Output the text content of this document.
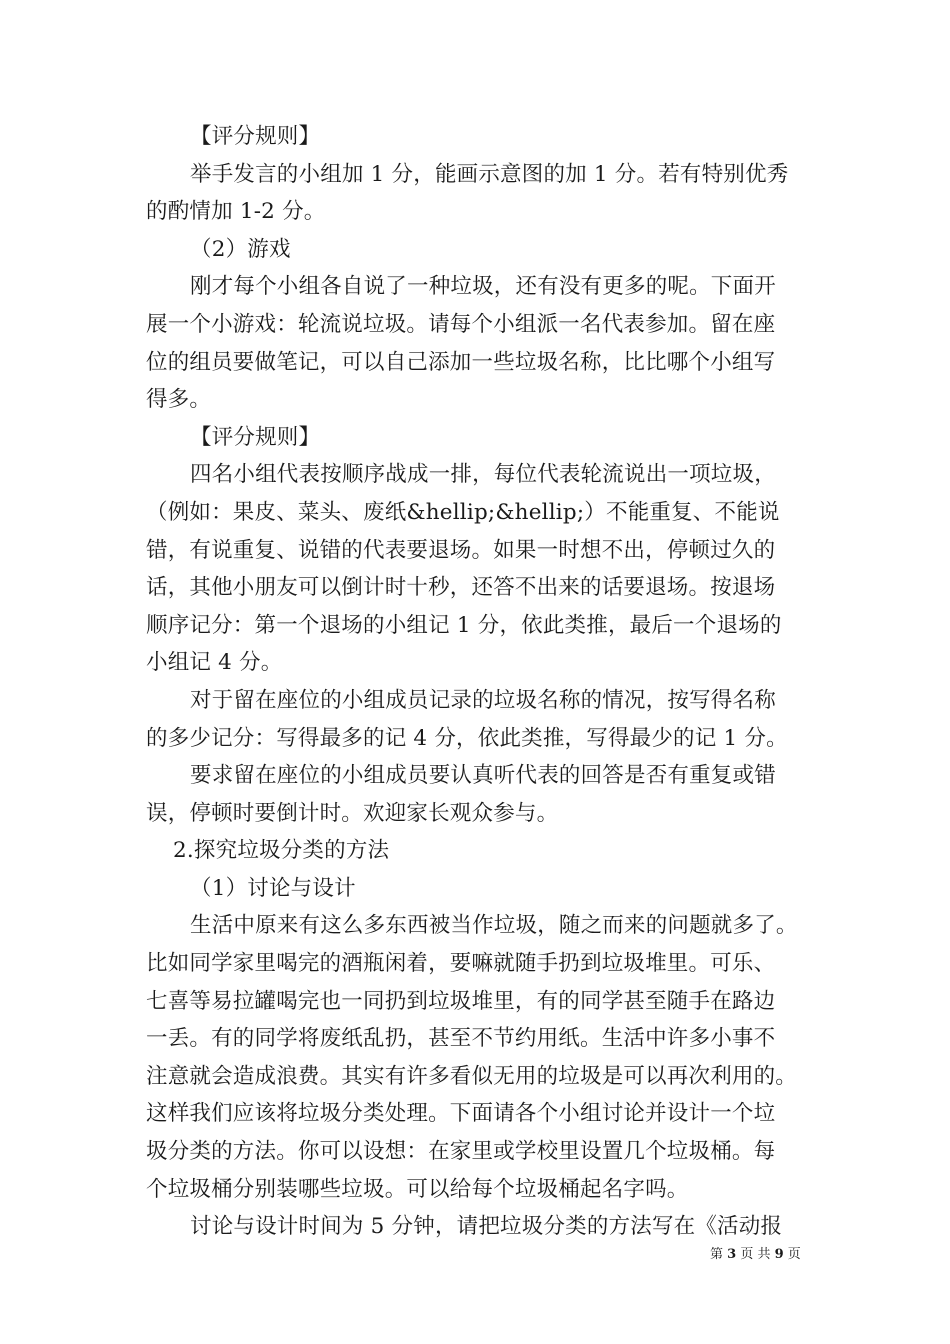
【评分规则】
举手发言的小组加 1 分，能画示意图的加 1 分。若有特别优秀
的酌情加 1-2 分。
（2）游戏
刚才每个小组各自说了一种垃圾，还有没有更多的呢。下面开
展一个小游戏：轮流说垃圾。请每个小组派一名代表参加。留在座
位的组员要做笔记，可以自己添加一些垃圾名称，比比哪个小组写
得多。
【评分规则】
四名小组代表按顺序战成一排，每位代表轮流说出一项垃圾，
（例如：果皮、菜头、废纸&hellip;&hellip;）不能重复、不能说
错，有说重复、说错的代表要退场。如果一时想不出，停顿过久的
话，其他小朋友可以倒计时十秒，还答不出来的话要退场。按退场
顺序记分：第一个退场的小组记 1 分，依此类推，最后一个退场的
小组记 4 分。
对于留在座位的小组成员记录的垃圾名称的情况，按写得名称
的多少记分：写得最多的记 4 分，依此类推，写得最少的记 1 分。
要求留在座位的小组成员要认真听代表的回答是否有重复或错
误，停顿时要倒计时。欢迎家长观众参与。
2.探究垃圾分类的方法
（1）讨论与设计
生活中原来有这么多东西被当作垃圾，随之而来的问题就多了。
比如同学家里喝完的酒瓶闲着，要嘛就随手扔到垃圾堆里。可乐、
七喜等易拉罐喝完也一同扔到垃圾堆里，有的同学甚至随手在路边
一丢。有的同学将废纸乱扔，甚至不节约用纸。生活中许多小事不
注意就会造成浪费。其实有许多看似无用的垃圾是可以再次利用的。
这样我们应该将垃圾分类处理。下面请各个小组讨论并设计一个垃
圾分类的方法。你可以设想：在家里或学校里设置几个垃圾桶。每
个垃圾桶分别装哪些垃圾。可以给每个垃圾桶起名字吗。
讨论与设计时间为 5 分钟，请把垃圾分类的方法写在《活动报
第 3 页 共 9 页
